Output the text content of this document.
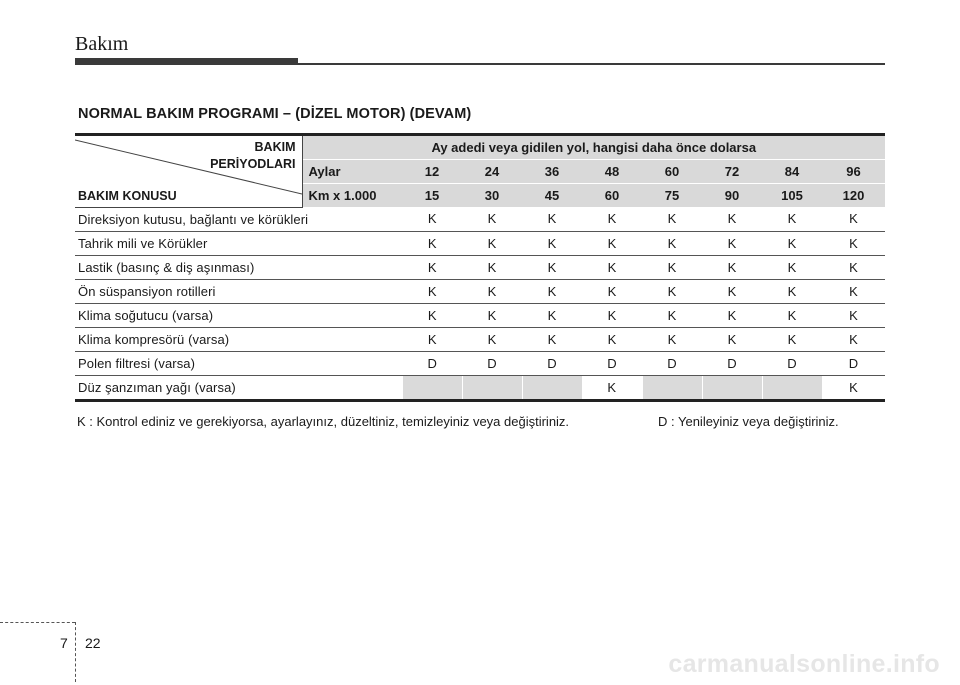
Bakım
NORMAL BAKIM PROGRAMI – (DİZEL MOTOR) (DEVAM)
BAKIM
PERİYODLARI
BAKIM KONUSU	Ay adedi veya gidilen yol, hangisi daha önce dolarsa								
	Aylar	12	24	36	48	60	72	84	96
	Km x 1.000	15	30	45	60	75	90	105	120
Direksiyon kutusu, bağlantı ve körükleri		K	K	K	K	K	K	K	K
Tahrik mili ve Körükler		K	K	K	K	K	K	K	K
Lastik (basınç & diş aşınması)		K	K	K	K	K	K	K	K
Ön süspansiyon rotilleri		K	K	K	K	K	K	K	K
Klima soğutucu (varsa)		K	K	K	K	K	K	K	K
Klima kompresörü (varsa)		K	K	K	K	K	K	K	K
Polen filtresi (varsa)		D	D	D	D	D	D	D	D
Düz şanzıman yağı (varsa)					K				K

K : Kontrol ediniz ve gerekiyorsa, ayarlayınız, düzeltiniz, temizleyiniz veya değiştiriniz.	D : Yenileyiniz veya değiştiriniz.

7 22

carmanualsonline.info
